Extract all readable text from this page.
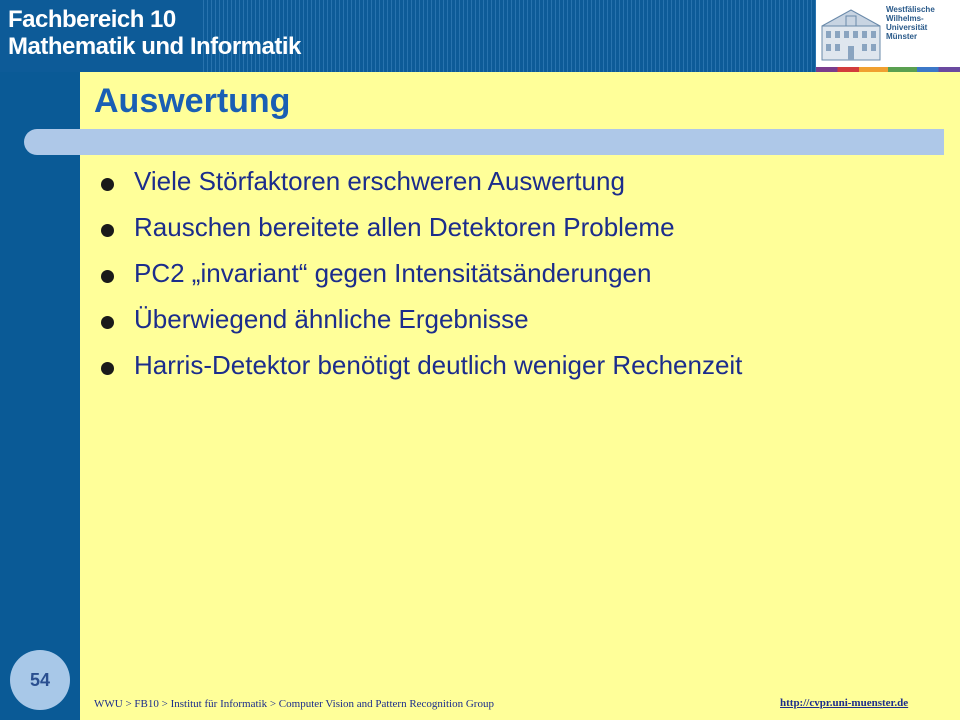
Fachbereich 10
Mathematik und Informatik
Westfälische
Wilhelms-Universität
Münster
Auswertung
Viele Störfaktoren erschweren Auswertung
Rauschen bereitete allen Detektoren Probleme
PC2 „invariant“ gegen Intensitätsänderungen
Überwiegend ähnliche Ergebnisse
Harris-Detektor benötigt deutlich weniger Rechenzeit
54
WWU > FB10 > Institut für Informatik > Computer Vision and Pattern Recognition Group	http://cvpr.uni-muenster.de
